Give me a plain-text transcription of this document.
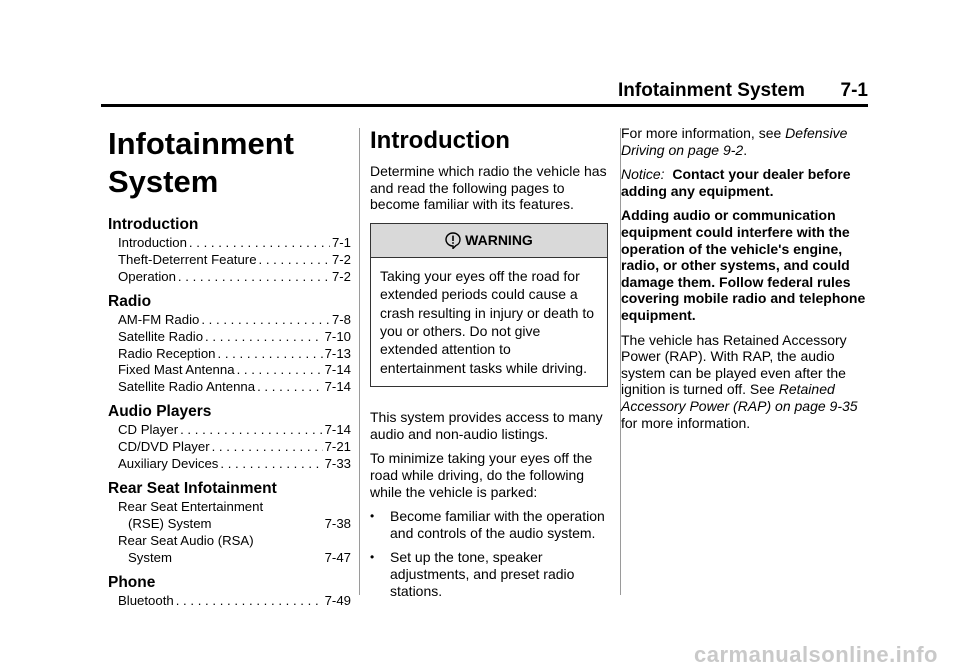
Infotainment System 7-1
Infotainment
System
Introduction
Introduction . . .	7-1
Theft-Deterrent Feature . . .	7-2
Operation . . .	7-2
Radio
AM-FM Radio . . .	7-8
Satellite Radio . . .	7-10
Radio Reception . . .	7-13
Fixed Mast Antenna . . .	7-14
Satellite Radio Antenna . . .	7-14
Audio Players
CD Player . . .	7-14
CD/DVD Player . . .	7-21
Auxiliary Devices . . .	7-33
Rear Seat Infotainment
Rear Seat Entertainment
(RSE) System	7-38
Rear Seat Audio (RSA)
System	7-47
Phone
Bluetooth . . .	7-49
Introduction

Determine which radio the vehicle has and read the following pages to become familiar with its features.

WARNING
Taking your eyes off the road for extended periods could cause a crash resulting in injury or death to you or others. Do not give extended attention to entertainment tasks while driving.

This system provides access to many audio and non-audio listings.

To minimize taking your eyes off the road while driving, do the following while the vehicle is parked:

•	Become familiar with the operation and controls of the audio system.
•	Set up the tone, speaker adjustments, and preset radio stations.

For more information, see Defensive Driving on page 9-2.

Notice: Contact your dealer before adding any equipment.

Adding audio or communication equipment could interfere with the operation of the vehicle's engine, radio, or other systems, and could damage them. Follow federal rules covering mobile radio and telephone equipment.

The vehicle has Retained Accessory Power (RAP). With RAP, the audio system can be played even after the ignition is turned off. See Retained Accessory Power (RAP) on page 9-35 for more information.

carmanualsonline.info
